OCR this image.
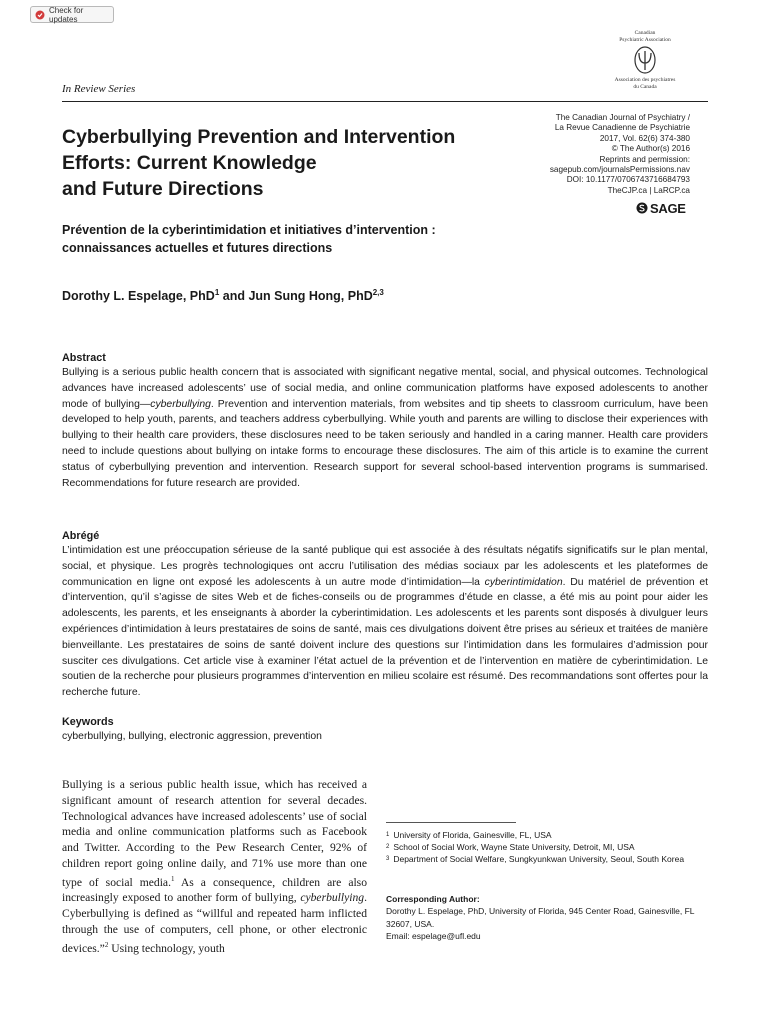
Check for updates
Canadian
Psychiatric Association
Association des psychiatres
du Canada
In Review Series
The Canadian Journal of Psychiatry /
La Revue Canadienne de Psychiatrie
2017, Vol. 62(6) 374-380
© The Author(s) 2016
Reprints and permission:
sagepub.com/journalsPermissions.nav
DOI: 10.1177/0706743716684793
TheCJP.ca | LaRCP.ca
SAGE
Cyberbullying Prevention and Intervention
Efforts: Current Knowledge
and Future Directions
Prévention de la cyberintimidation et initiatives d’intervention :
connaissances actuelles et futures directions
Dorothy L. Espelage, PhD$^1$ and Jun Sung Hong, PhD$^{2,3}$
Abstract

Bullying is a serious public health concern that is associated with significant negative mental, social, and physical outcomes. Technological advances have increased adolescents’ use of social media, and online communication platforms have exposed adolescents to another mode of bullying—cyberbullying. Prevention and intervention materials, from websites and tip sheets to classroom curriculum, have been developed to help youth, parents, and teachers address cyberbullying. While youth and parents are willing to disclose their experiences with bullying to their health care providers, these disclosures need to be taken seriously and handled in a caring manner. Health care providers need to include questions about bullying on intake forms to encourage these disclosures. The aim of this article is to examine the current status of cyberbullying prevention and intervention. Research support for several school-based intervention programs is summarised. Recommendations for future research are provided.

Abrégé

L’intimidation est une préoccupation sérieuse de la santé publique qui est associée à des résultats négatifs significatifs sur le plan mental, social, et physique. Les progrès technologiques ont accru l’utilisation des médias sociaux par les adolescents et les plateformes de communication en ligne ont exposé les adolescents à un autre mode d’intimidation—la cyberintimidation. Du matériel de prévention et d’intervention, qu’il s’agisse de sites Web et de fiches-conseils ou de programmes d’étude en classe, a été mis au point pour aider les adolescents, les parents, et les enseignants à aborder la cyberintimidation. Les adolescents et les parents sont disposés à divulguer leurs expériences d’intimidation à leurs prestataires de soins de santé, mais ces divulgations doivent être prises au sérieux et traitées de manière bienveillante. Les prestataires de soins de santé doivent inclure des questions sur l’intimidation dans les formulaires d’admission pour susciter ces divulgations. Cet article vise à examiner l’état actuel de la prévention et de l’intervention en matière de cyberintimidation. Le soutien de la recherche pour plusieurs programmes d’intervention en milieu scolaire est résumé. Des recommandations sont offertes pour la recherche future.

Keywords

cyberbullying, bullying, electronic aggression, prevention

Bullying is a serious public health issue, which has received a significant amount of research attention for several decades. Technological advances have increased adolescents’ use of social media and online communication platforms such as Facebook and Twitter. According to the Pew Research Center, 92% of children report going online daily, and 71% use more than one type of social media.$^1$ As a consequence, children are also increasingly exposed to another form of bullying, cyberbullying. Cyberbullying is defined as “willful and repeated harm inflicted through the use of computers, cell phone, or other electronic devices.”$^2$ Using technology, youth
1 University of Florida, Gainesville, FL, USA
2 School of Social Work, Wayne State University, Detroit, MI, USA
3 Department of Social Welfare, Sungkyunkwan University, Seoul, South Korea
Corresponding Author:
Dorothy L. Espelage, PhD, University of Florida, 945 Center Road, Gainesville, FL 32607, USA.
Email: espelage@ufl.edu
